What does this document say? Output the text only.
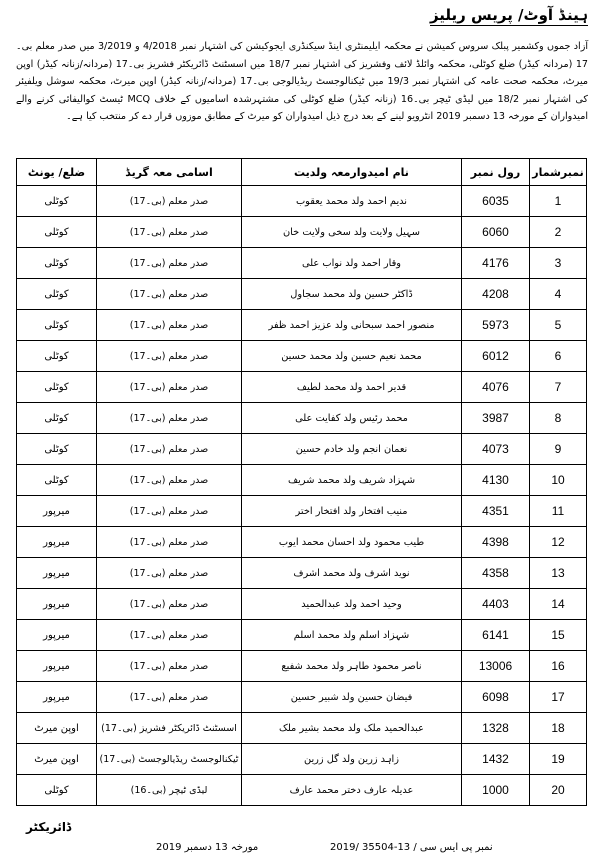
ہینڈ آوٹ/ پریس ریلیز
آزاد جموں وکشمیر پبلک سروس کمیشن نے محکمہ ایلیمنٹری اینڈ سیکنڈری ایجوکیشن کی اشتہار نمبر 4/2018 و 3/2019 میں صدر معلم بی۔17 (مردانہ کیڈر) ضلع کوٹلی، محکمہ وائلڈ لائف وفشریز کی اشتہار نمبر 18/7 میں اسسٹنٹ ڈائریکٹر فشریز بی۔17 (مردانہ/زنانہ کیڈر) اوپن میرٹ، محکمہ صحت عامہ کی اشتہار نمبر 19/3 میں ٹیکنالوجسٹ ریڈیالوجی بی۔17 (مردانہ/زنانہ کیڈر) اوپن میرٹ، محکمہ سوشل ویلفیئر کی اشتہار نمبر 18/2 میں لیڈی ٹیچر بی۔16 (زنانہ کیڈر) ضلع کوٹلی کی مشتہرشدہ اسامیوں کے خلاف MCQ ٹیسٹ کوالیفائی کرنے والے امیدواران کے مورخہ 13 دسمبر 2019 انٹرویو لینے کے بعد درج ذیل امیدواران کو میرٹ کے مطابق موزوں قرار دے کر منتخب کیا ہے۔
نمبرشمار	رول نمبر	نام امیدوارمعہ ولدیت	اسامی معہ گریڈ	ضلع/ یونٹ
1	6035	ندیم احمد ولد محمد یعقوب	صدر معلم (بی۔17)	کوٹلی
2	6060	سہیل ولایت ولد سخی ولایت خان	صدر معلم (بی۔17)	کوٹلی
3	4176	وقار احمد ولد نواب علی	صدر معلم (بی۔17)	کوٹلی
4	4208	ڈاکٹر حسین ولد محمد سجاول	صدر معلم (بی۔17)	کوٹلی
5	5973	منصور احمد سبحانی ولد عزیز احمد ظفر	صدر معلم (بی۔17)	کوٹلی
6	6012	محمد نعیم حسین ولد محمد حسین	صدر معلم (بی۔17)	کوٹلی
7	4076	قدیر احمد ولد محمد لطیف	صدر معلم (بی۔17)	کوٹلی
8	3987	محمد رئیس ولد کفایت علی	صدر معلم (بی۔17)	کوٹلی
9	4073	نعمان انجم ولد خادم حسین	صدر معلم (بی۔17)	کوٹلی
10	4130	شہزاد شریف ولد محمد شریف	صدر معلم (بی۔17)	کوٹلی
11	4351	منیب افتخار ولد افتخار اختر	صدر معلم (بی۔17)	میرپور
12	4398	طیب محمود ولد احسان محمد ایوب	صدر معلم (بی۔17)	میرپور
13	4358	نوید اشرف ولد محمد اشرف	صدر معلم (بی۔17)	میرپور
14	4403	وحید احمد ولد عبدالحمید	صدر معلم (بی۔17)	میرپور
15	6141	شہزاد اسلم ولد محمد اسلم	صدر معلم (بی۔17)	میرپور
16	13006	ناصر محمود طاہر ولد محمد شفیع	صدر معلم (بی۔17)	میرپور
17	6098	فیضان حسین ولد شبیر حسین	صدر معلم (بی۔17)	میرپور
18	1328	عبدالحمید ملک ولد محمد بشیر ملک	اسسٹنٹ ڈائریکٹر فشریز (بی۔17)	اوپن میرٹ
19	1432	زاہد زرین ولد گل زرین	ٹیکنالوجسٹ ریڈیالوجسٹ (بی۔17)	اوپن میرٹ
20	1000	عدیلہ عارف دختر محمد عارف	لیڈی ٹیچر (بی۔16)	کوٹلی
ڈائریکٹر
نمبر پی ایس سی / 13-35504 /2019
مورخہ 13 دسمبر 2019
